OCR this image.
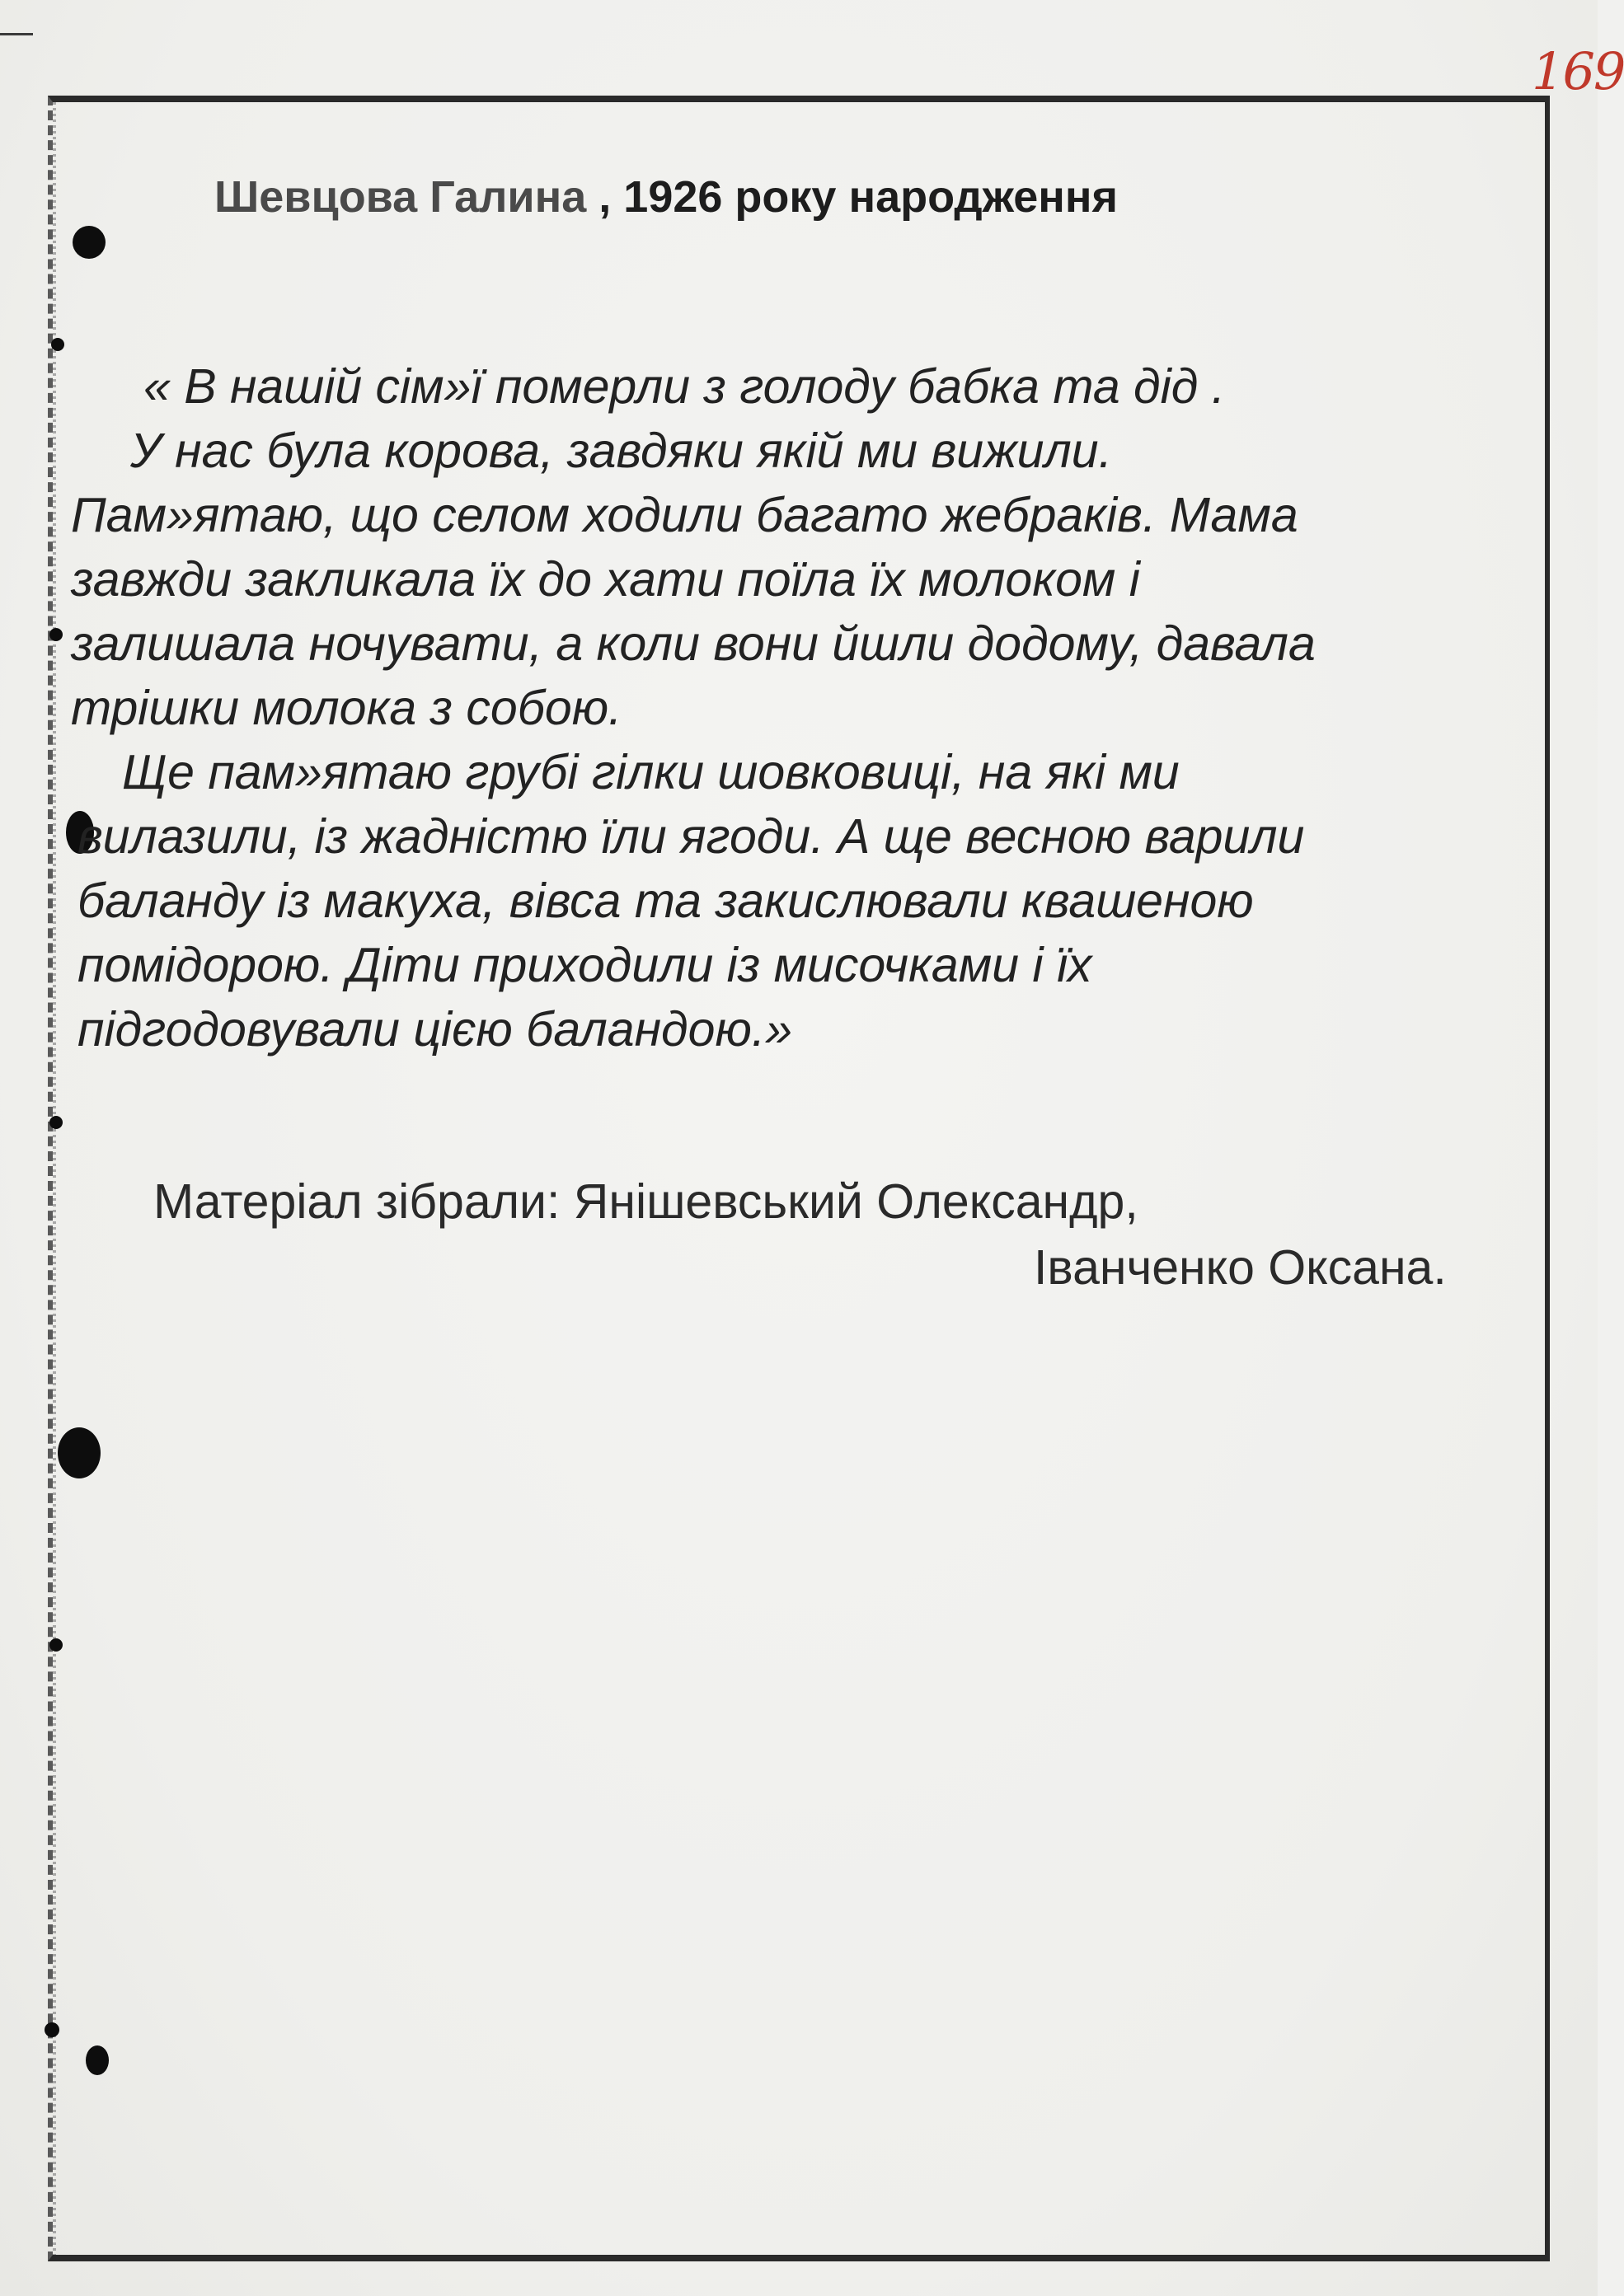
169
Шевцова Галина , 1926 року народження
« В нашій сім»ї померли з голоду бабка та дід .
У нас була корова, завдяки якій ми вижили.
Пам»ятаю, що селом ходили багато жебраків. Мама
завжди закликала їх до хати поїла їх молоком і
залишала ночувати, а коли вони йшли додому, давала
трішки молока з собою.
Ще пам»ятаю грубі гілки шовковиці, на які ми
вилазили, із жадністю їли ягоди. А ще весною варили
баланду із макуха, вівса та закислювали квашеною
помідорою. Діти приходили із мисочками і їх
підгодовували цією баландою.»
Матеріал зібрали: Янішевський Олександр,
Іванченко Оксана.
